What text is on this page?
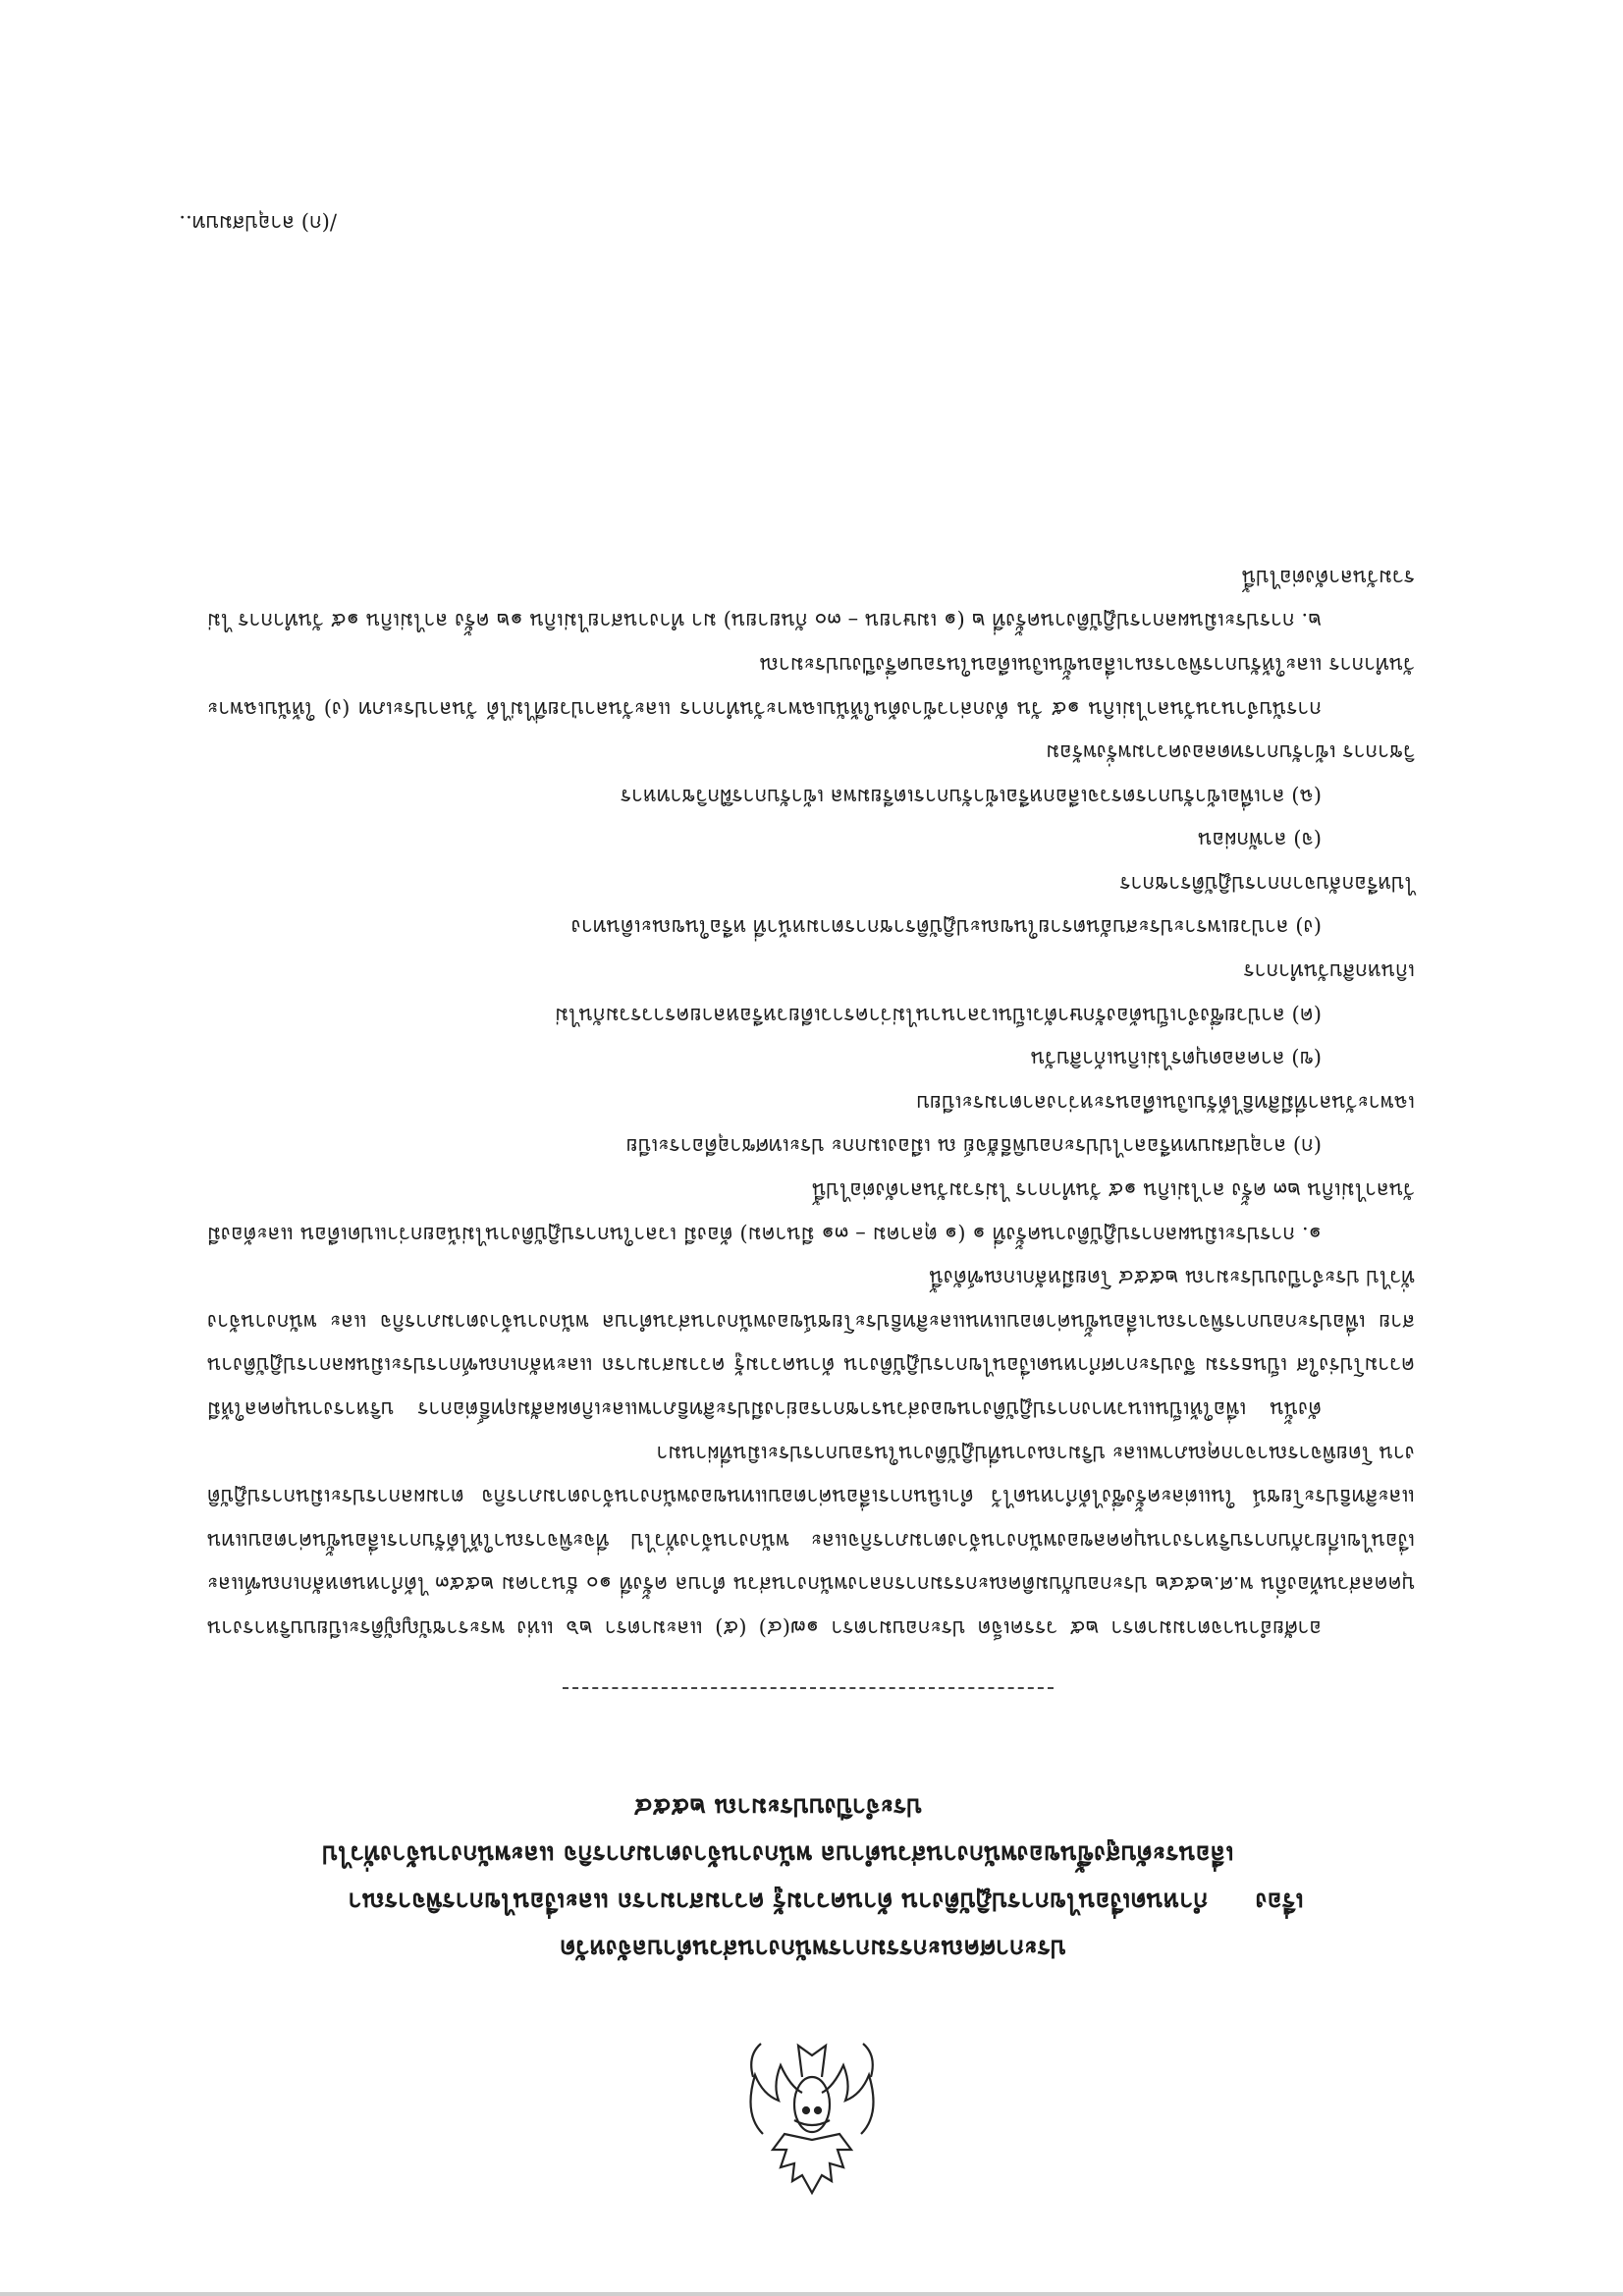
ประกาศคณะกรรมการพนักงานส่วนตำบลจังหวัด
เรื่อง
กำหนดเงื่อนไขการปฏิบัติงาน ด้านความรู้ ความสามารถ และเงื่อนไขการพิจารณา
เลื่อนระดับสูงขึ้นของพนักงานส่วนตำบล พนักงานจ้างตามภารกิจ และพนักงานจ้างทั่วไป
ประจำปีงบประมาณ ๒๕๕๔

อาศัยอำนาจตามมาตรา ๒๕ วรรคเจ็ด ประกอบมาตรา ๑๗(๔) (๕) และมาตรา ๒๖ แห่ง พระราชบัญญัติระเบียบบริหารงานบุคคลส่วนท้องถิ่น พ.ศ.๒๕๔๒ ประกอบกับมติคณะกรรมการกลางพนักงานส่วน ตำบล ครั้งที่ ๑๐ ธันวาคม ๒๕๕๓ ได้กำหนดหลักเกณฑ์และเงื่อนไขเกี่ยวกับการบริหารงานบุคคลของพนักงานจ้างตามภารกิจและ พนักงานจ้างทั่วไป ที่จะพิจารณาให้ได้รับการเลื่อนขั้นค่าตอบแทนและสิทธิประโยชน์ ในแต่ละครั้งซึ่งได้กำหนดไว้ ดำเนินการเลื่อนค่าตอบแทนของพนักงานจ้างตามภารกิจ ตามผลการประเมินการปฏิบัติงาน โดยพิจารณาจากคุณภาพและ ปริมาณงานที่ปฏิบัติงานในรอบการประเมินที่ผ่านมา

ดังนั้น เพื่อให้เป็นแนวทางการปฏิบัติงานของส่วนราชการอย่างมีประสิทธิภาพและเกิดผลสัมฤทธิ์ต่อการ บริหารงานบุคคลให้มีความโปร่งใส เป็นธรรม จึงประกาศกำหนดเงื่อนไขการปฏิบัติงาน ด้านความรู้ ความสามารถ และหลักเกณฑ์การประเมินผลการปฏิบัติงาน สาย เพื่อประกอบการพิจารณาเลื่อนขั้นค่าตอบแทนและสิทธิประโยชน์ของพนักงานส่วนตำบล พนักงานจ้างตามภารกิจ และ พนักงานจ้างทั่วไป ประจำปีงบประมาณ ๒๕๕๔ โดยมีหลักเกณฑ์ดังนี้

๑. การประเมินผลการปฏิบัติงานครั้งที่ ๑ (๑ ตุลาคม – ๓๑ มีนาคม) ต้องมี เวลาในการปฏิบัติงานไม่น้อยกว่าแปดเดือน และต้องมีวันลาไม่เกิน ๒๓ ครั้ง ลาไม่เกิน ๑๕ วันทำการ ไม่รวมวันลาดังต่อไปนี้

(ก) ลาอุปสมบทหรือลาไปประกอบพิธีฮัจย์ ณ เมืองเมกกะ ประเทศซาอุดีอาระเบีย

เฉพาะวันลาที่มีสิทธิได้รับเงินเดือนระหว่างลาตามระเบียบ

(ข) ลาคลอดบุตรไม่เกินเก้าสิบวัน

(ค) ลาป่วยซึ่งจำเป็นต้องรักษาตัวเป็นเวลานานไม่ว่าคราวเดียวหรือหลายคราวรวมกันไม่

เกินหกสิบวันทำการ

(ง) ลาป่วยเพราะประสบอันตรายในขณะปฏิบัติราชการตามหน้าที่ หรือในขณะเดินทาง

ไปหรือกลับจากการปฏิบัติราชการ

(จ) ลาพักผ่อน

(ฉ) ลาเพื่อเข้ารับการตรวจเลือกหรือเข้ารับการเตรียมพล เข้ารับการฝึกวิชาทหาร

วิชาการ เข้ารับการทดลองความพรั่งพร้อม

การนับจำนวนวันลาไม่เกิน ๑๕ วัน ดังกล่าวข้างต้นให้นับเฉพาะวันทำการ และวันลาป่วยที่ไม่ได้ วันลาประเภท (ง) ให้นับเฉพาะวันทำการ และให้รับการพิจารณาเลื่อนขั้นเงินเดือนในรอบครึ่งปีงบประมาณ

๒. การประเมินผลการปฏิบัติงานครั้งที่ ๒ (๑ เมษายน – ๓๐ กันยายน) มา ทำงานสายไม่เกิน ๑๒ ครั้ง ลาไม่เกิน ๑๕ วันทำการ ไม่รวมวันลาดังต่อไปนี้

/(ก) ลาอุปสมบท..
